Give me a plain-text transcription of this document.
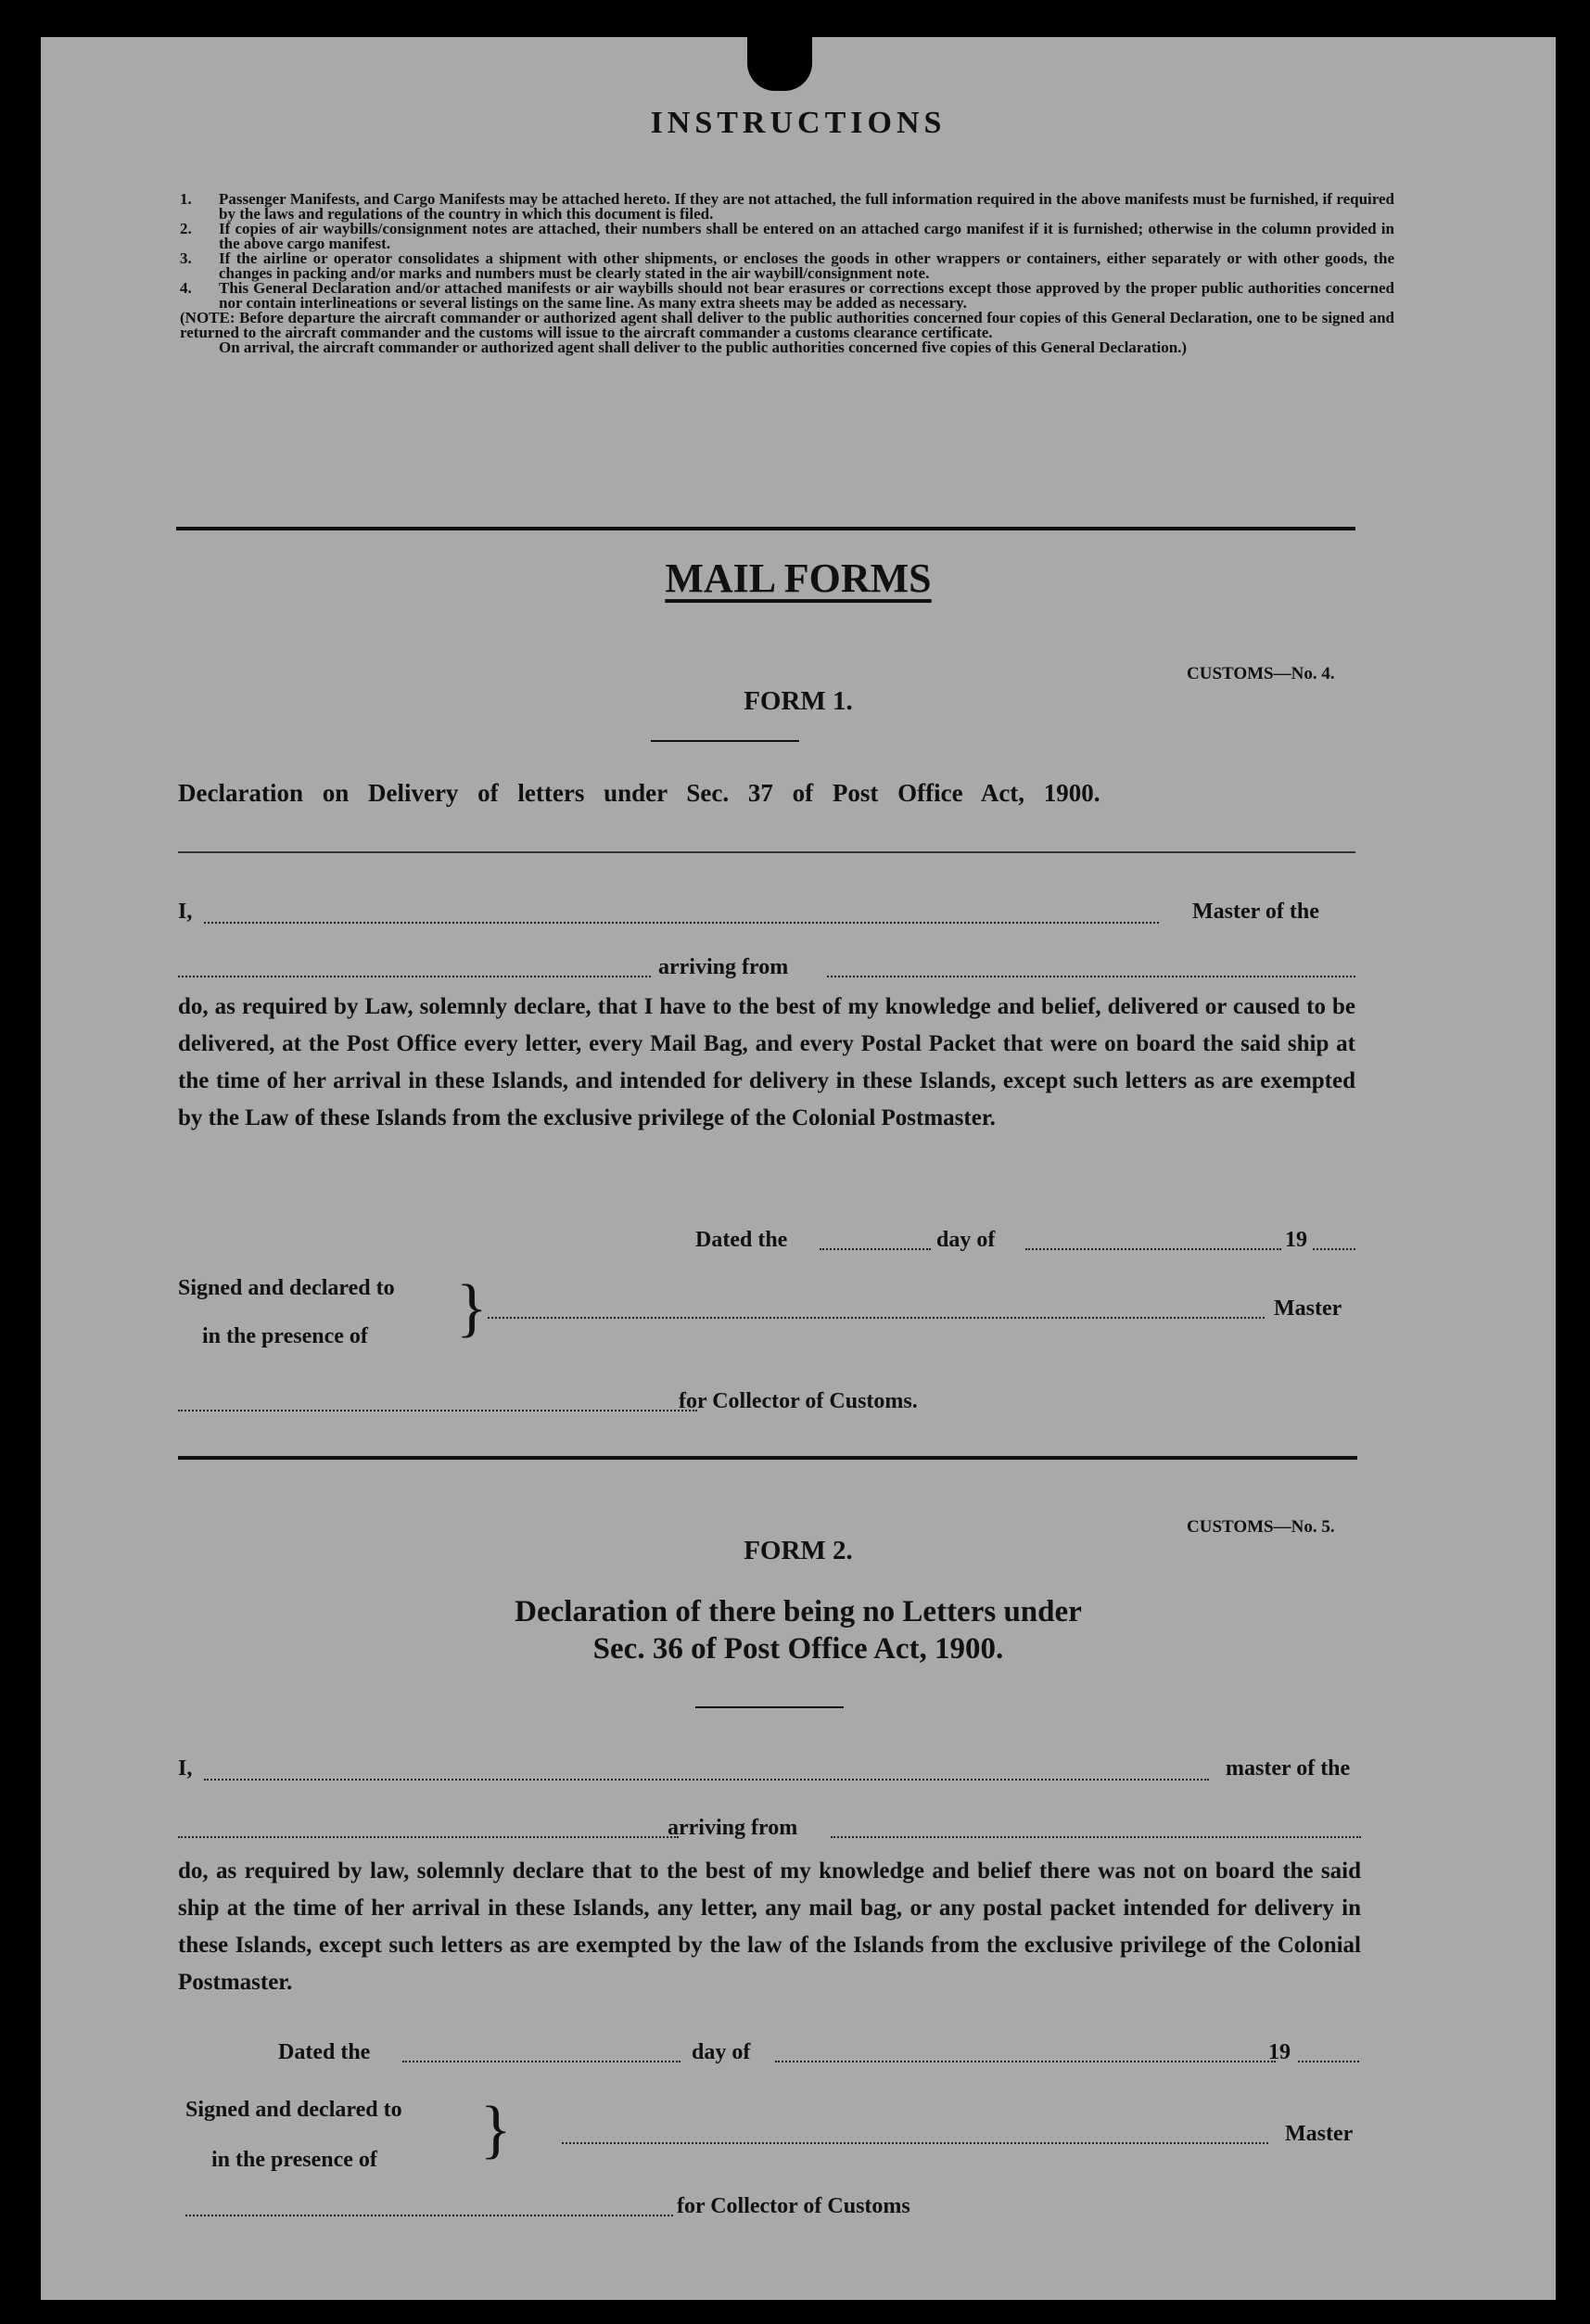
INSTRUCTIONS
1. Passenger Manifests, and Cargo Manifests may be attached hereto. If they are not attached, the full information required in the above manifests must be furnished, if required by the laws and regulations of the country in which this document is filed.
2. If copies of air waybills/consignment notes are attached, their numbers shall be entered on an attached cargo manifest if it is furnished; otherwise in the column provided in the above cargo manifest.
3. If the airline or operator consolidates a shipment with other shipments, or encloses the goods in other wrappers or containers, either separately or with other goods, the changes in packing and/or marks and numbers must be clearly stated in the air waybill/consignment note.
4. This General Declaration and/or attached manifests or air waybills should not bear erasures or corrections except those approved by the proper public authorities concerned nor contain interlineations or several listings on the same line. As many extra sheets may be added as necessary.

(NOTE: Before departure the aircraft commander or authorized agent shall deliver to the public authorities concerned four copies of this General Declaration, one to be signed and returned to the aircraft commander and the customs will issue to the aircraft commander a customs clearance certificate.

On arrival, the aircraft commander or authorized agent shall deliver to the public authorities concerned five copies of this General Declaration.)

MAIL FORMS
CUSTOMS—No. 4.
FORM 1.
Declaration on Delivery of letters under Sec. 37 of Post Office Act, 1900.
I,	Master of the
arriving from
do, as required by Law, solemnly declare, that I have to the best of my knowledge and belief, delivered or caused to be delivered, at the Post Office every letter, every Mail Bag, and every Postal Packet that were on board the said ship at the time of her arrival in these Islands, and intended for delivery in these Islands, except such letters as are exempted by the Law of these Islands from the exclusive privilege of the Colonial Postmaster.
Dated the	day of	19
Signed and declared to
in the presence of }	Master
for Collector of Customs.
CUSTOMS—No. 5.
FORM 2.
Declaration of there being no Letters under
Sec. 36 of Post Office Act, 1900.
I,	master of the
arriving from
do, as required by law, solemnly declare that to the best of my knowledge and belief there was not on board the said ship at the time of her arrival in these Islands, any letter, any mail bag, or any postal packet intended for delivery in these Islands, except such letters as are exempted by the law of the Islands from the exclusive privilege of the Colonial Postmaster.
Dated the	day of	19
Signed and declared to
in the presence of }	Master
for Collector of Customs
